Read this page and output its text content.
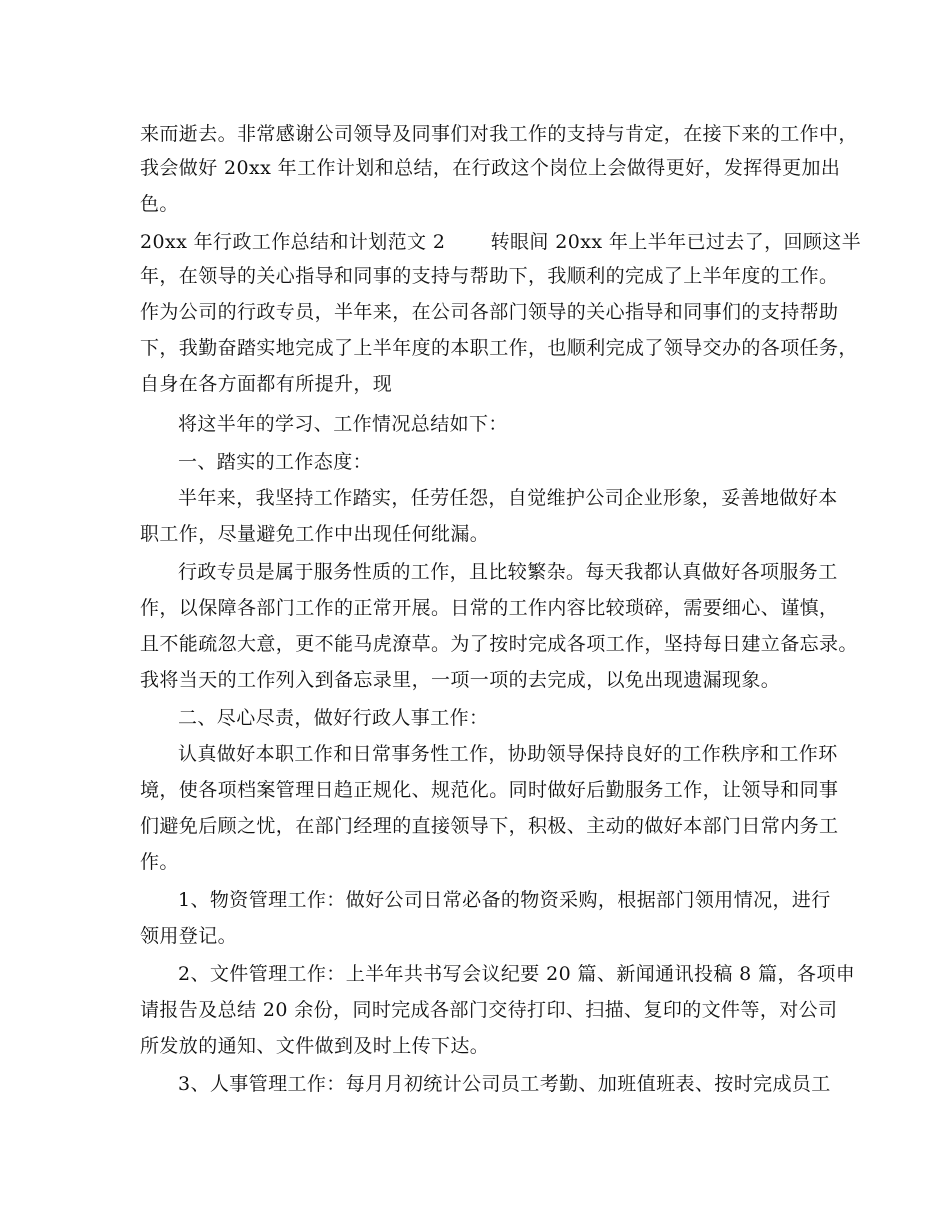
来而逝去。非常感谢公司领导及同事们对我工作的支持与肯定，在接下来的工作中，
我会做好 20xx 年工作计划和总结，在行政这个岗位上会做得更好，发挥得更加出
色。
20xx 年行政工作总结和计划范文 2　　 转眼间 20xx 年上半年已过去了，回顾这半
年，在领导的关心指导和同事的支持与帮助下，我顺利的完成了上半年度的工作。
作为公司的行政专员，半年来，在公司各部门领导的关心指导和同事们的支持帮助
下，我勤奋踏实地完成了上半年度的本职工作，也顺利完成了领导交办的各项任务，
自身在各方面都有所提升，现
将这半年的学习、工作情况总结如下：
一、踏实的工作态度：
半年来，我坚持工作踏实，任劳任怨，自觉维护公司企业形象，妥善地做好本
职工作，尽量避免工作中出现任何纰漏。
行政专员是属于服务性质的工作，且比较繁杂。每天我都认真做好各项服务工
作，以保障各部门工作的正常开展。日常的工作内容比较琐碎，需要细心、谨慎，
且不能疏忽大意，更不能马虎潦草。为了按时完成各项工作，坚持每日建立备忘录。
我将当天的工作列入到备忘录里，一项一项的去完成，以免出现遗漏现象。
二、尽心尽责，做好行政人事工作：
认真做好本职工作和日常事务性工作，协助领导保持良好的工作秩序和工作环
境，使各项档案管理日趋正规化、规范化。同时做好后勤服务工作，让领导和同事
们避免后顾之忧，在部门经理的直接领导下，积极、主动的做好本部门日常内务工
作。
1、物资管理工作：做好公司日常必备的物资采购，根据部门领用情况，进行
领用登记。
2、文件管理工作：上半年共书写会议纪要 20 篇、新闻通讯投稿 8 篇，各项申
请报告及总结 20 余份，同时完成各部门交待打印、扫描、复印的文件等，对公司
所发放的通知、文件做到及时上传下达。
3、人事管理工作：每月月初统计公司员工考勤、加班值班表、按时完成员工
